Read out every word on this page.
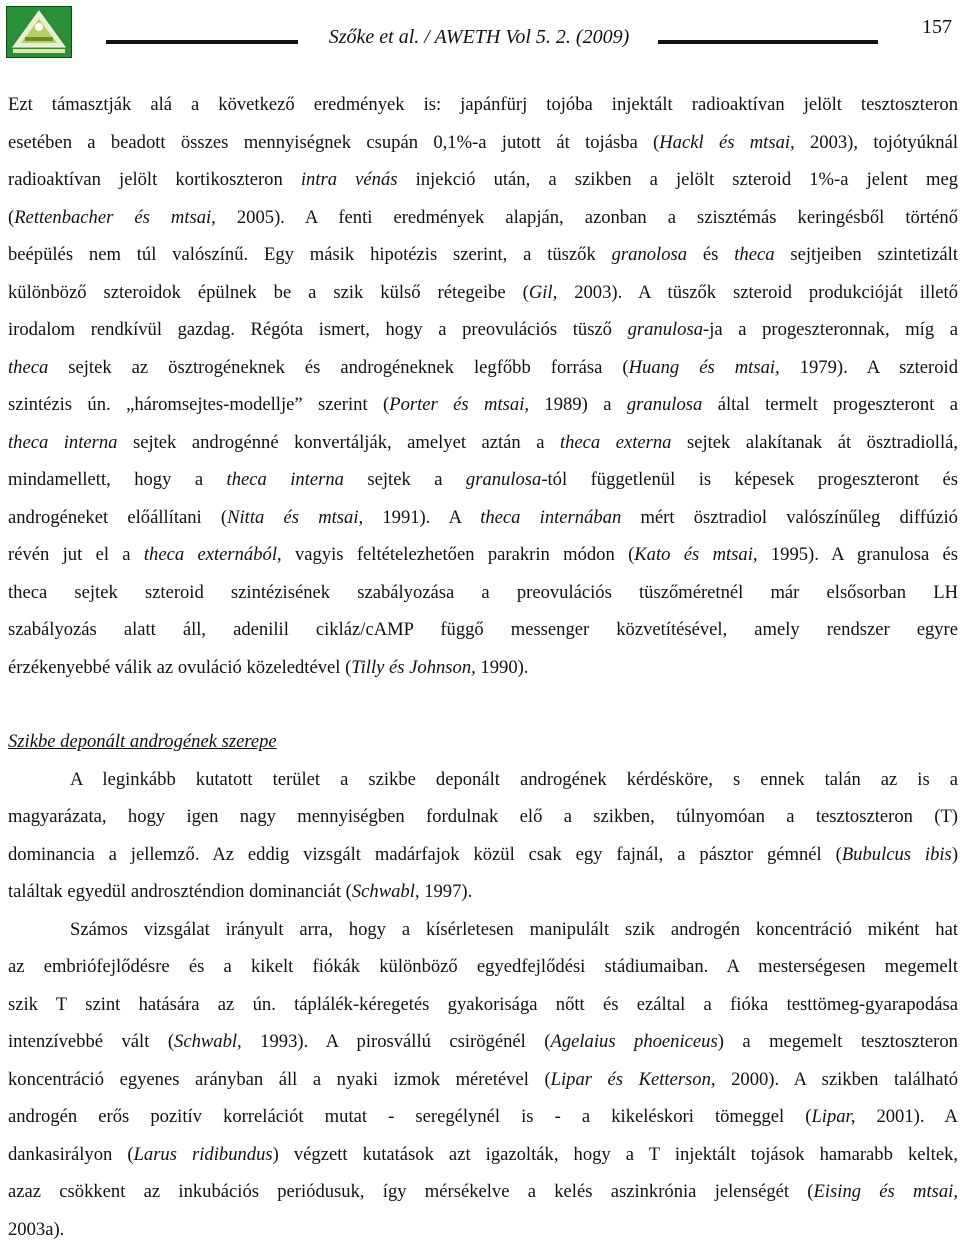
Szőke et al. / AWETH Vol 5. 2. (2009)	157
Ezt támasztják alá a következő eredmények is: japánfürj tojóba injektált radioaktívan jelölt tesztoszteron
esetében a beadott összes mennyiségnek csupán 0,1%-a jutott át tojásba (Hackl és mtsai, 2003), tojótyúknál
radioaktívan jelölt kortikoszteron intra vénás injekció után, a szikben a jelölt szteroid 1%-a jelent meg
(Rettenbacher és mtsai, 2005). A fenti eredmények alapján, azonban a szisztémás keringésből történő
beépülés nem túl valószínű. Egy másik hipotézis szerint, a tüszők granolosa és theca sejtjeiben szintetizált
különböző szteroidok épülnek be a szik külső rétegeibe (Gil, 2003). A tüszők szteroid produkcióját illető
irodalom rendkívül gazdag. Régóta ismert, hogy a preovulációs tüsző granulosa-ja a progeszteronnak, míg a
theca sejtek az ösztrogéneknek és androgéneknek legfőbb forrása (Huang és mtsai, 1979). A szteroid
szintézis ún. „háromsejtes-modellje” szerint (Porter és mtsai, 1989) a granulosa által termelt progeszteront a
theca interna sejtek androgénné konvertálják, amelyet aztán a theca externa sejtek alakítanak át ösztradiollá,
mindamellett, hogy a theca interna sejtek a granulosa-tól függetlenül is képesek progeszteront és
androgéneket előállítani (Nitta és mtsai, 1991). A theca internában mért ösztradiol valószínűleg diffúzió
révén jut el a theca externából, vagyis feltételezhetően parakrin módon (Kato és mtsai, 1995). A granulosa és
theca sejtek szteroid szintézisének szabályozása a preovulációs tüszőméretnél már elsősorban LH
szabályozás alatt áll, adenilil cikláz/cAMP függő messenger közvetítésével, amely rendszer egyre
érzékenyebbé válik az ovuláció közeledtével (Tilly és Johnson, 1990).
Szikbe deponált androgének szerepe
A leginkább kutatott terület a szikbe deponált androgének kérdésköre, s ennek talán az is a
magyarázata, hogy igen nagy mennyiségben fordulnak elő a szikben, túlnyomóan a tesztoszteron (T)
dominancia a jellemző. Az eddig vizsgált madárfajok közül csak egy fajnál, a pásztor gémnél (Bubulcus ibis)
találtak egyedül androszténdion dominanciát (Schwabl, 1997).
Számos vizsgálat irányult arra, hogy a kísérletesen manipulált szik androgén koncentráció miként hat
az embriófejlődésre és a kikelt fiókák különböző egyedfejlődési stádiumaiban. A mesterségesen megemelt
szik T szint hatására az ún. táplálék-kéregetés gyakorisága nőtt és ezáltal a fióka testtömeg-gyarapodása
intenzívebbé vált (Schwabl, 1993). A pirosvállú csirögénél (Agelaius phoeniceus) a megemelt tesztoszteron
koncentráció egyenes arányban áll a nyaki izmok méretével (Lipar és Ketterson, 2000). A szikben található
androgén erős pozitív korrelációt mutat - seregélynél is - a kikeléskori tömeggel (Lipar, 2001). A
dankasirályon (Larus ridibundus) végzett kutatások azt igazolták, hogy a T injektált tojások hamarabb keltek,
azaz csökkent az inkubációs periódusuk, így mérsékelve a kelés aszinkrónia jelenségét (Eising és mtsai,
2003a).
